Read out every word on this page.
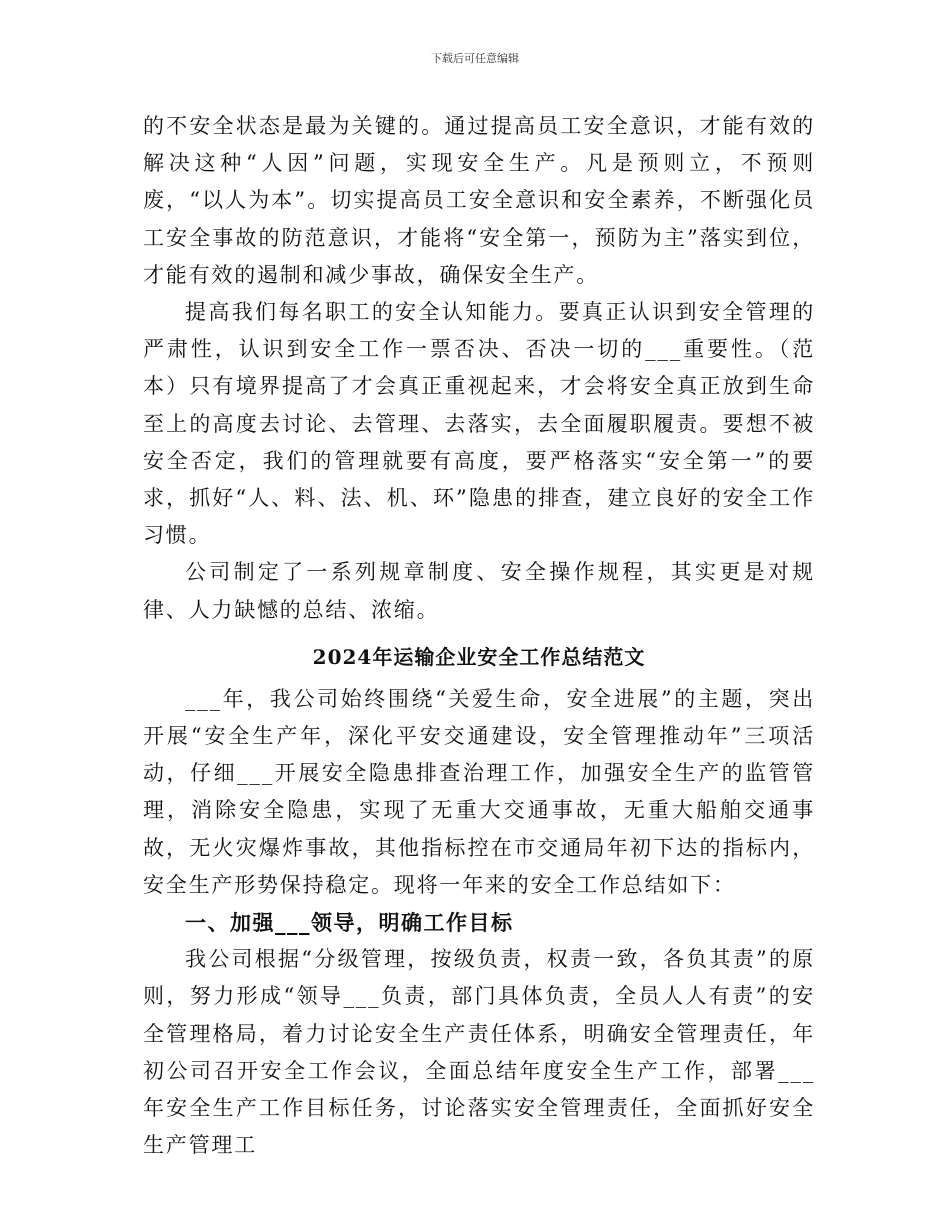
下载后可任意编辑

的不安全状态是最为关键的。通过提高员工安全意识，才能有效的解决这种“人因”问题，实现安全生产。凡是预则立，不预则废，“以人为本”。切实提高员工安全意识和安全素养，不断强化员工安全事故的防范意识，才能将“安全第一，预防为主”落实到位，才能有效的遏制和减少事故，确保安全生产。

提高我们每名职工的安全认知能力。要真正认识到安全管理的严肃性，认识到安全工作一票否决、否决一切的___重要性。（范本）只有境界提高了才会真正重视起来，才会将安全真正放到生命至上的高度去讨论、去管理、去落实，去全面履职履责。要想不被安全否定，我们的管理就要有高度，要严格落实“安全第一”的要求，抓好“人、料、法、机、环”隐患的排查，建立良好的安全工作习惯。

公司制定了一系列规章制度、安全操作规程，其实更是对规律、人力缺憾的总结、浓缩。

2024年运输企业安全工作总结范文

___年，我公司始终围绕“关爱生命，安全进展”的主题，突出开展“安全生产年，深化平安交通建设，安全管理推动年”三项活动，仔细___开展安全隐患排查治理工作，加强安全生产的监管管理，消除安全隐患，实现了无重大交通事故，无重大船舶交通事故，无火灾爆炸事故，其他指标控在市交通局年初下达的指标内，安全生产形势保持稳定。现将一年来的安全工作总结如下：

一、加强___领导，明确工作目标

我公司根据“分级管理，按级负责，权责一致，各负其责”的原则，努力形成“领导___负责，部门具体负责，全员人人有责”的安全管理格局，着力讨论安全生产责任体系，明确安全管理责任，年初公司召开安全工作会议，全面总结年度安全生产工作，部署___年安全生产工作目标任务，讨论落实安全管理责任，全面抓好安全生产管理工
